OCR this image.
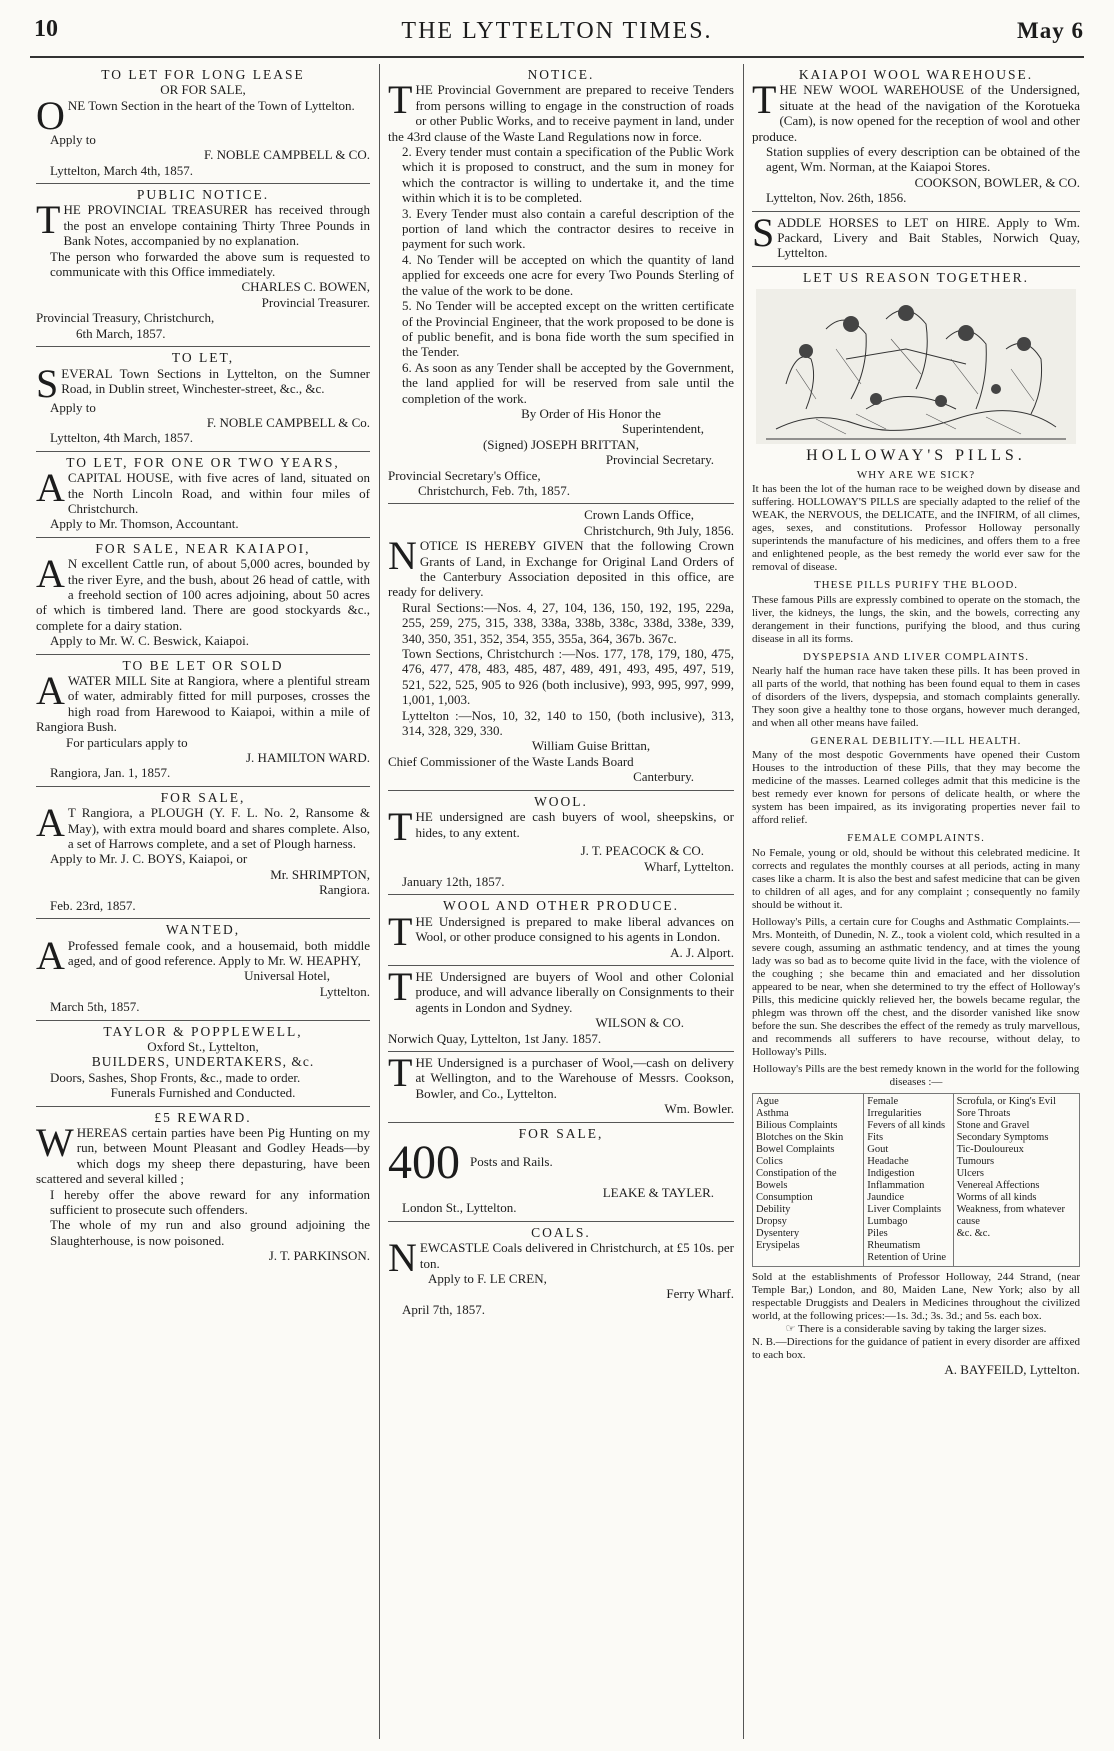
10	THE LYTTELTON TIMES.	May 6
TO LET FOR LONG LEASE
OR FOR SALE,

ONE Town Section in the heart of the Town of Lyttelton.

Apply to

F. NOBLE CAMPBELL & CO.

Lyttelton, March 4th, 1857.

PUBLIC NOTICE.

THE PROVINCIAL TREASURER has received through the post an envelope containing Thirty Three Pounds in Bank Notes, accompanied by no explanation.

The person who forwarded the above sum is requested to communicate with this Office immediately.

CHARLES C. BOWEN,

Provincial Treasurer.

Provincial Treasury, Christchurch,

6th March, 1857.

TO LET,

SEVERAL Town Sections in Lyttelton, on the Sumner Road, in Dublin street, Winchester-street, &c., &c.

Apply to

F. NOBLE CAMPBELL & Co.

Lyttelton, 4th March, 1857.

TO LET, FOR ONE OR TWO YEARS,

ACAPITAL HOUSE, with five acres of land, situated on the North Lincoln Road, and within four miles of Christchurch.

Apply to Mr. Thomson, Accountant.

FOR SALE, NEAR KAIAPOI,

A N excellent Cattle run, of about 5,000 acres, bounded by the river Eyre, and the bush, about 26 head of cattle, with a freehold section of 100 acres adjoining, about 50 acres of which is timbered land. There are good stockyards &c., complete for a dairy station.

Apply to Mr. W. C. Beswick, Kaiapoi.

TO BE LET OR SOLD

AWATER MILL Site at Rangiora, where a plentiful stream of water, admirably fitted for mill purposes, crosses the high road from Harewood to Kaiapoi, within a mile of Rangiora Bush.

For particulars apply to

J. HAMILTON WARD.

Rangiora, Jan. 1, 1857.

FOR SALE,

A T Rangiora, a PLOUGH (Y. F. L. No. 2, Ransome & May), with extra mould board and shares complete. Also, a set of Harrows complete, and a set of Plough harness.

Apply to Mr. J. C. BOYS, Kaiapoi, or

Mr. SHRIMPTON,

Rangiora.

Feb. 23rd, 1857.

WANTED,

A Professed female cook, and a housemaid, both middle aged, and of good reference. Apply to Mr. W. HEAPHY,

Universal Hotel,

Lyttelton.

March 5th, 1857.

TAYLOR & POPPLEWELL,
Oxford St., Lyttelton,
BUILDERS, UNDERTAKERS, &c.

Doors, Sashes, Shop Fronts, &c., made to order.

Funerals Furnished and Conducted.

£5 REWARD.

WHEREAS certain parties have been Pig Hunting on my run, between Mount Pleasant and Godley Heads—by which dogs my sheep there depasturing, have been scattered and several killed ;

I hereby offer the above reward for any information sufficient to prosecute such offenders.

The whole of my run and also ground adjoining the Slaughterhouse, is now poisoned.

J. T. PARKINSON.

NOTICE.

THE Provincial Government are prepared to receive Tenders from persons willing to engage in the construction of roads or other Public Works, and to receive payment in land, under the 43rd clause of the Waste Land Regulations now in force.

2. Every tender must contain a specification of the Public Work which it is proposed to construct, and the sum in money for which the contractor is willing to undertake it, and the time within which it is to be completed.

3. Every Tender must also contain a careful description of the portion of land which the contractor desires to receive in payment for such work.

4. No Tender will be accepted on which the quantity of land applied for exceeds one acre for every Two Pounds Sterling of the value of the work to be done.

5. No Tender will be accepted except on the written certificate of the Provincial Engineer, that the work proposed to be done is of public benefit, and is bona fide worth the sum specified in the Tender.

6. As soon as any Tender shall be accepted by the Government, the land applied for will be reserved from sale until the completion of the work.

By Order of His Honor the

Superintendent,

(Signed) JOSEPH BRITTAN,

Provincial Secretary.

Provincial Secretary's Office,

Christchurch, Feb. 7th, 1857.

Crown Lands Office,

Christchurch, 9th July, 1856.

NOTICE IS HEREBY GIVEN that the following Crown Grants of Land, in Exchange for Original Land Orders of the Canterbury Association deposited in this office, are ready for delivery.

Rural Sections:—Nos. 4, 27, 104, 136, 150, 192, 195, 229a, 255, 259, 275, 315, 338, 338a, 338b, 338c, 338d, 338e, 339, 340, 350, 351, 352, 354, 355, 355a, 364, 367b. 367c.

Town Sections, Christchurch :—Nos. 177, 178, 179, 180, 475, 476, 477, 478, 483, 485, 487, 489, 491, 493, 495, 497, 519, 521, 522, 525, 905 to 926 (both inclusive), 993, 995, 997, 999, 1,001, 1,003.

Lyttelton :—Nos, 10, 32, 140 to 150, (both inclusive), 313, 314, 328, 329, 330.

William Guise Brittan,

Chief Commissioner of the Waste Lands Board

Canterbury.

WOOL.

THE undersigned are cash buyers of wool, sheepskins, or hides, to any extent.

J. T. PEACOCK & CO.

Wharf, Lyttelton.

January 12th, 1857.

WOOL AND OTHER PRODUCE.

THE Undersigned is prepared to make liberal advances on Wool, or other produce consigned to his agents in London.

A. J. Alport.

THE Undersigned are buyers of Wool and other Colonial produce, and will advance liberally on Consignments to their agents in London and Sydney.

WILSON & CO.

Norwich Quay, Lyttelton, 1st Jany. 1857.

THE Undersigned is a purchaser of Wool,—cash on delivery at Wellington, and to the Warehouse of Messrs. Cookson, Bowler, and Co., Lyttelton.

Wm. Bowler.

FOR SALE,

400 Posts and Rails.

LEAKE & TAYLER.

London St., Lyttelton.

COALS.

NEWCASTLE Coals delivered in Christchurch, at £5 10s. per ton.

Apply to F. LE CREN,

Ferry Wharf.

April 7th, 1857.

KAIAPOI WOOL WAREHOUSE.

THE NEW WOOL WAREHOUSE of the Undersigned, situate at the head of the navigation of the Korotueka (Cam), is now opened for the reception of wool and other produce.

Station supplies of every description can be obtained of the agent, Wm. Norman, at the Kaiapoi Stores.

COOKSON, BOWLER, & CO.

Lyttelton, Nov. 26th, 1856.

SADDLE HORSES to LET on HIRE. Apply to Wm. Packard, Livery and Bait Stables, Norwich Quay, Lyttelton.

LET US REASON TOGETHER.
HOLLOWAY'S PILLS.
WHY ARE WE SICK?

It has been the lot of the human race to be weighed down by disease and suffering. HOLLOWAY'S PILLS are specially adapted to the relief of the WEAK, the NERVOUS, the DELICATE, and the INFIRM, of all climes, ages, sexes, and constitutions. Professor Holloway personally superintends the manufacture of his medicines, and offers them to a free and enlightened people, as the best remedy the world ever saw for the removal of disease.

THESE PILLS PURIFY THE BLOOD.

These famous Pills are expressly combined to operate on the stomach, the liver, the kidneys, the lungs, the skin, and the bowels, correcting any derangement in their functions, purifying the blood, and thus curing disease in all its forms.

DYSPEPSIA AND LIVER COMPLAINTS.

Nearly half the human race have taken these pills. It has been proved in all parts of the world, that nothing has been found equal to them in cases of disorders of the livers, dyspepsia, and stomach complaints generally. They soon give a healthy tone to those organs, however much deranged, and when all other means have failed.

GENERAL DEBILITY.—ILL HEALTH.

Many of the most despotic Governments have opened their Custom Houses to the introduction of these Pills, that they may become the medicine of the masses. Learned colleges admit that this medicine is the best remedy ever known for persons of delicate health, or where the system has been impaired, as its invigorating properties never fail to afford relief.

FEMALE COMPLAINTS.

No Female, young or old, should be without this celebrated medicine. It corrects and regulates the monthly courses at all periods, acting in many cases like a charm. It is also the best and safest medicine that can be given to children of all ages, and for any complaint ; consequently no family should be without it.

Holloway's Pills, a certain cure for Coughs and Asthmatic Complaints.—Mrs. Monteith, of Dunedin, N. Z., took a violent cold, which resulted in a severe cough, assuming an asthmatic tendency, and at times the young lady was so bad as to become quite livid in the face, with the violence of the coughing ; she became thin and emaciated and her dissolution appeared to be near, when she determined to try the effect of Holloway's Pills, this medicine quickly relieved her, the bowels became regular, the phlegm was thrown off the chest, and the disorder vanished like snow before the sun. She describes the effect of the remedy as truly marvellous, and recommends all sufferers to have recourse, without delay, to Holloway's Pills.

Holloway's Pills are the best remedy known in the world for the following diseases :—

Ague
Asthma
Bilious Complaints
Blotches on the Skin
Bowel Complaints
Colics
Constipation of the Bowels
Consumption
Debility
Dropsy
Dysentery
Erysipelas

Female Irregularities
Fevers of all kinds
Fits
Gout
Headache
Indigestion
Inflammation
Jaundice
Liver Complaints
Lumbago
Piles
Rheumatism
Retention of Urine

Scrofula, or King's Evil
Sore Throats
Stone and Gravel
Secondary Symptoms
Tic-Douloureux
Tumours
Ulcers
Venereal Affections
Worms of all kinds
Weakness, from whatever cause
&c. &c.

Sold at the establishments of Professor Holloway, 244 Strand, (near Temple Bar,) London, and 80, Maiden Lane, New York; also by all respectable Druggists and Dealers in Medicines throughout the civilized world, at the following prices:—1s. 3d.; 3s. 3d.; and 5s. each box.

☞ There is a considerable saving by taking the larger sizes.

N. B.—Directions for the guidance of patient in every disorder are affixed to each box.

A. BAYFEILD, Lyttelton.
